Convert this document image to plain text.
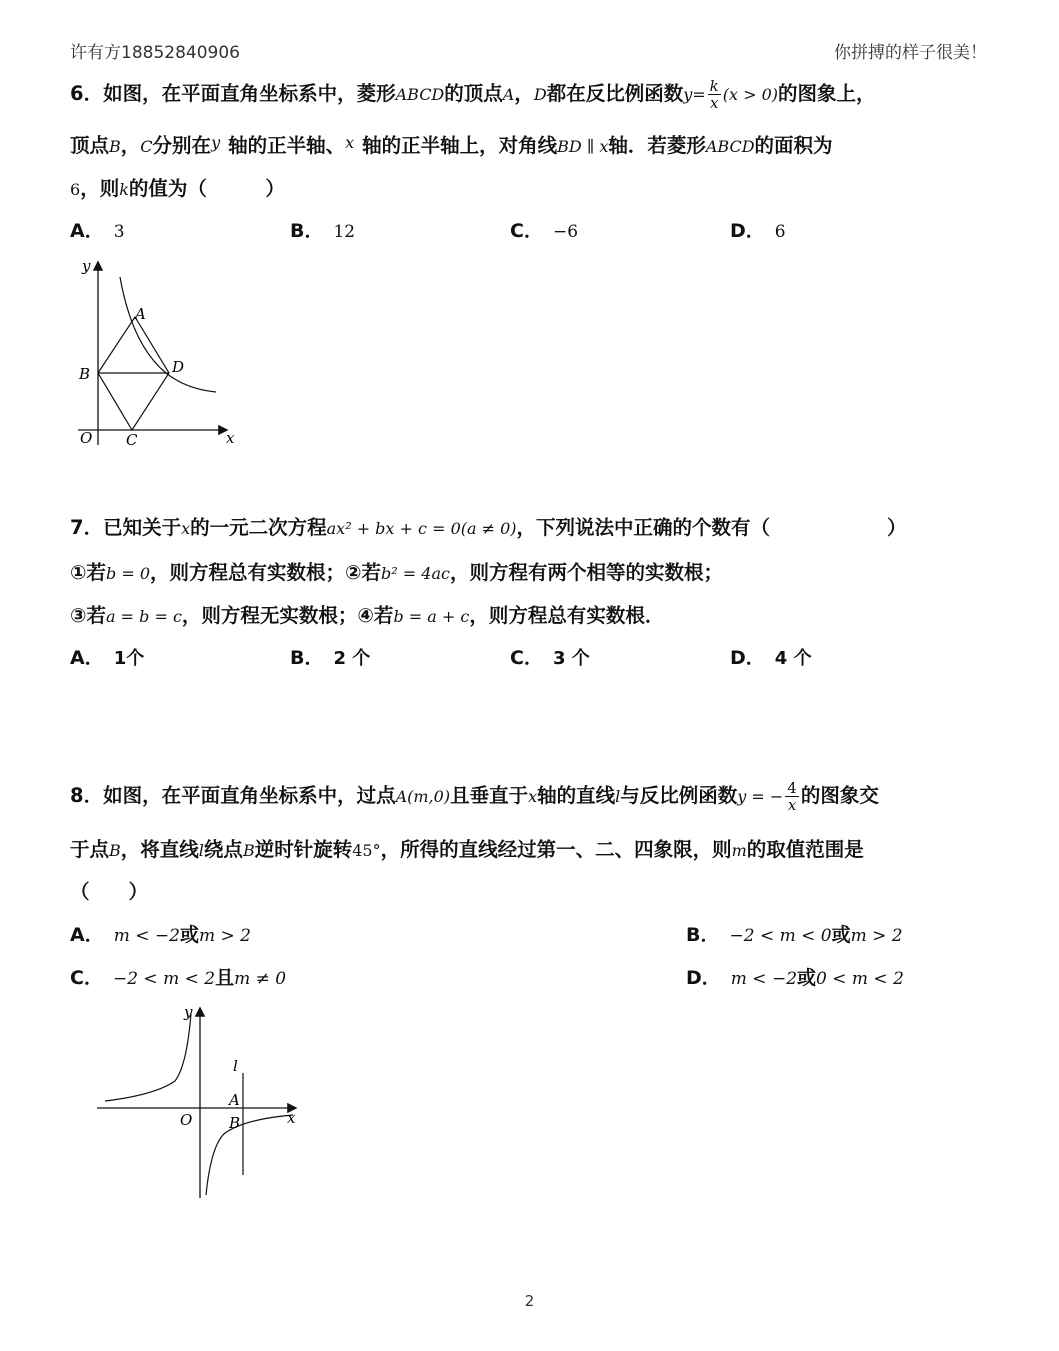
许有方18852840906	你拼搏的样子很美！
6．如图，在平面直角坐标系中，菱形ABCD的顶点A，D都在反比例函数$y= \frac{k}{x} (x > 0)$的图象上，
顶点B，C分别在$^y$ 轴的正半轴、$^x$ 轴的正半轴上，对角线BD ∥ x轴．若菱形ABCD的面积为
6，则k的值为（　　　）
A． 3	B． 12	C． −6	D． 6
y
A
B	D
O C	x
7．已知关于x的一元二次方程ax² + bx + c = 0(a ≠ 0)，下列说法中正确的个数有（　　　　　　）
①若b = 0，则方程总有实数根；②若b² = 4ac，则方程有两个相等的实数根；
③若a = b = c，则方程无实数根；④若b = a + c，则方程总有实数根．
A． 1个	B． 2 个	C． 3 个	D． 4 个
8．如图，在平面直角坐标系中，过点A(m,0)且垂直于x轴的直线l与反比例函数y = − $\frac{4}{x}$ 的图象交
于点B，将直线l绕点B逆时针旋转45°，所得的直线经过第一、二、四象限，则m的取值范围是
（　　）
A． m < −2或m > 2	B． −2 < m < 0或m > 2
C． −2 < m < 2且m ≠ 0	D． m < −2或0 < m < 2
y
l
A
O B	x
2
